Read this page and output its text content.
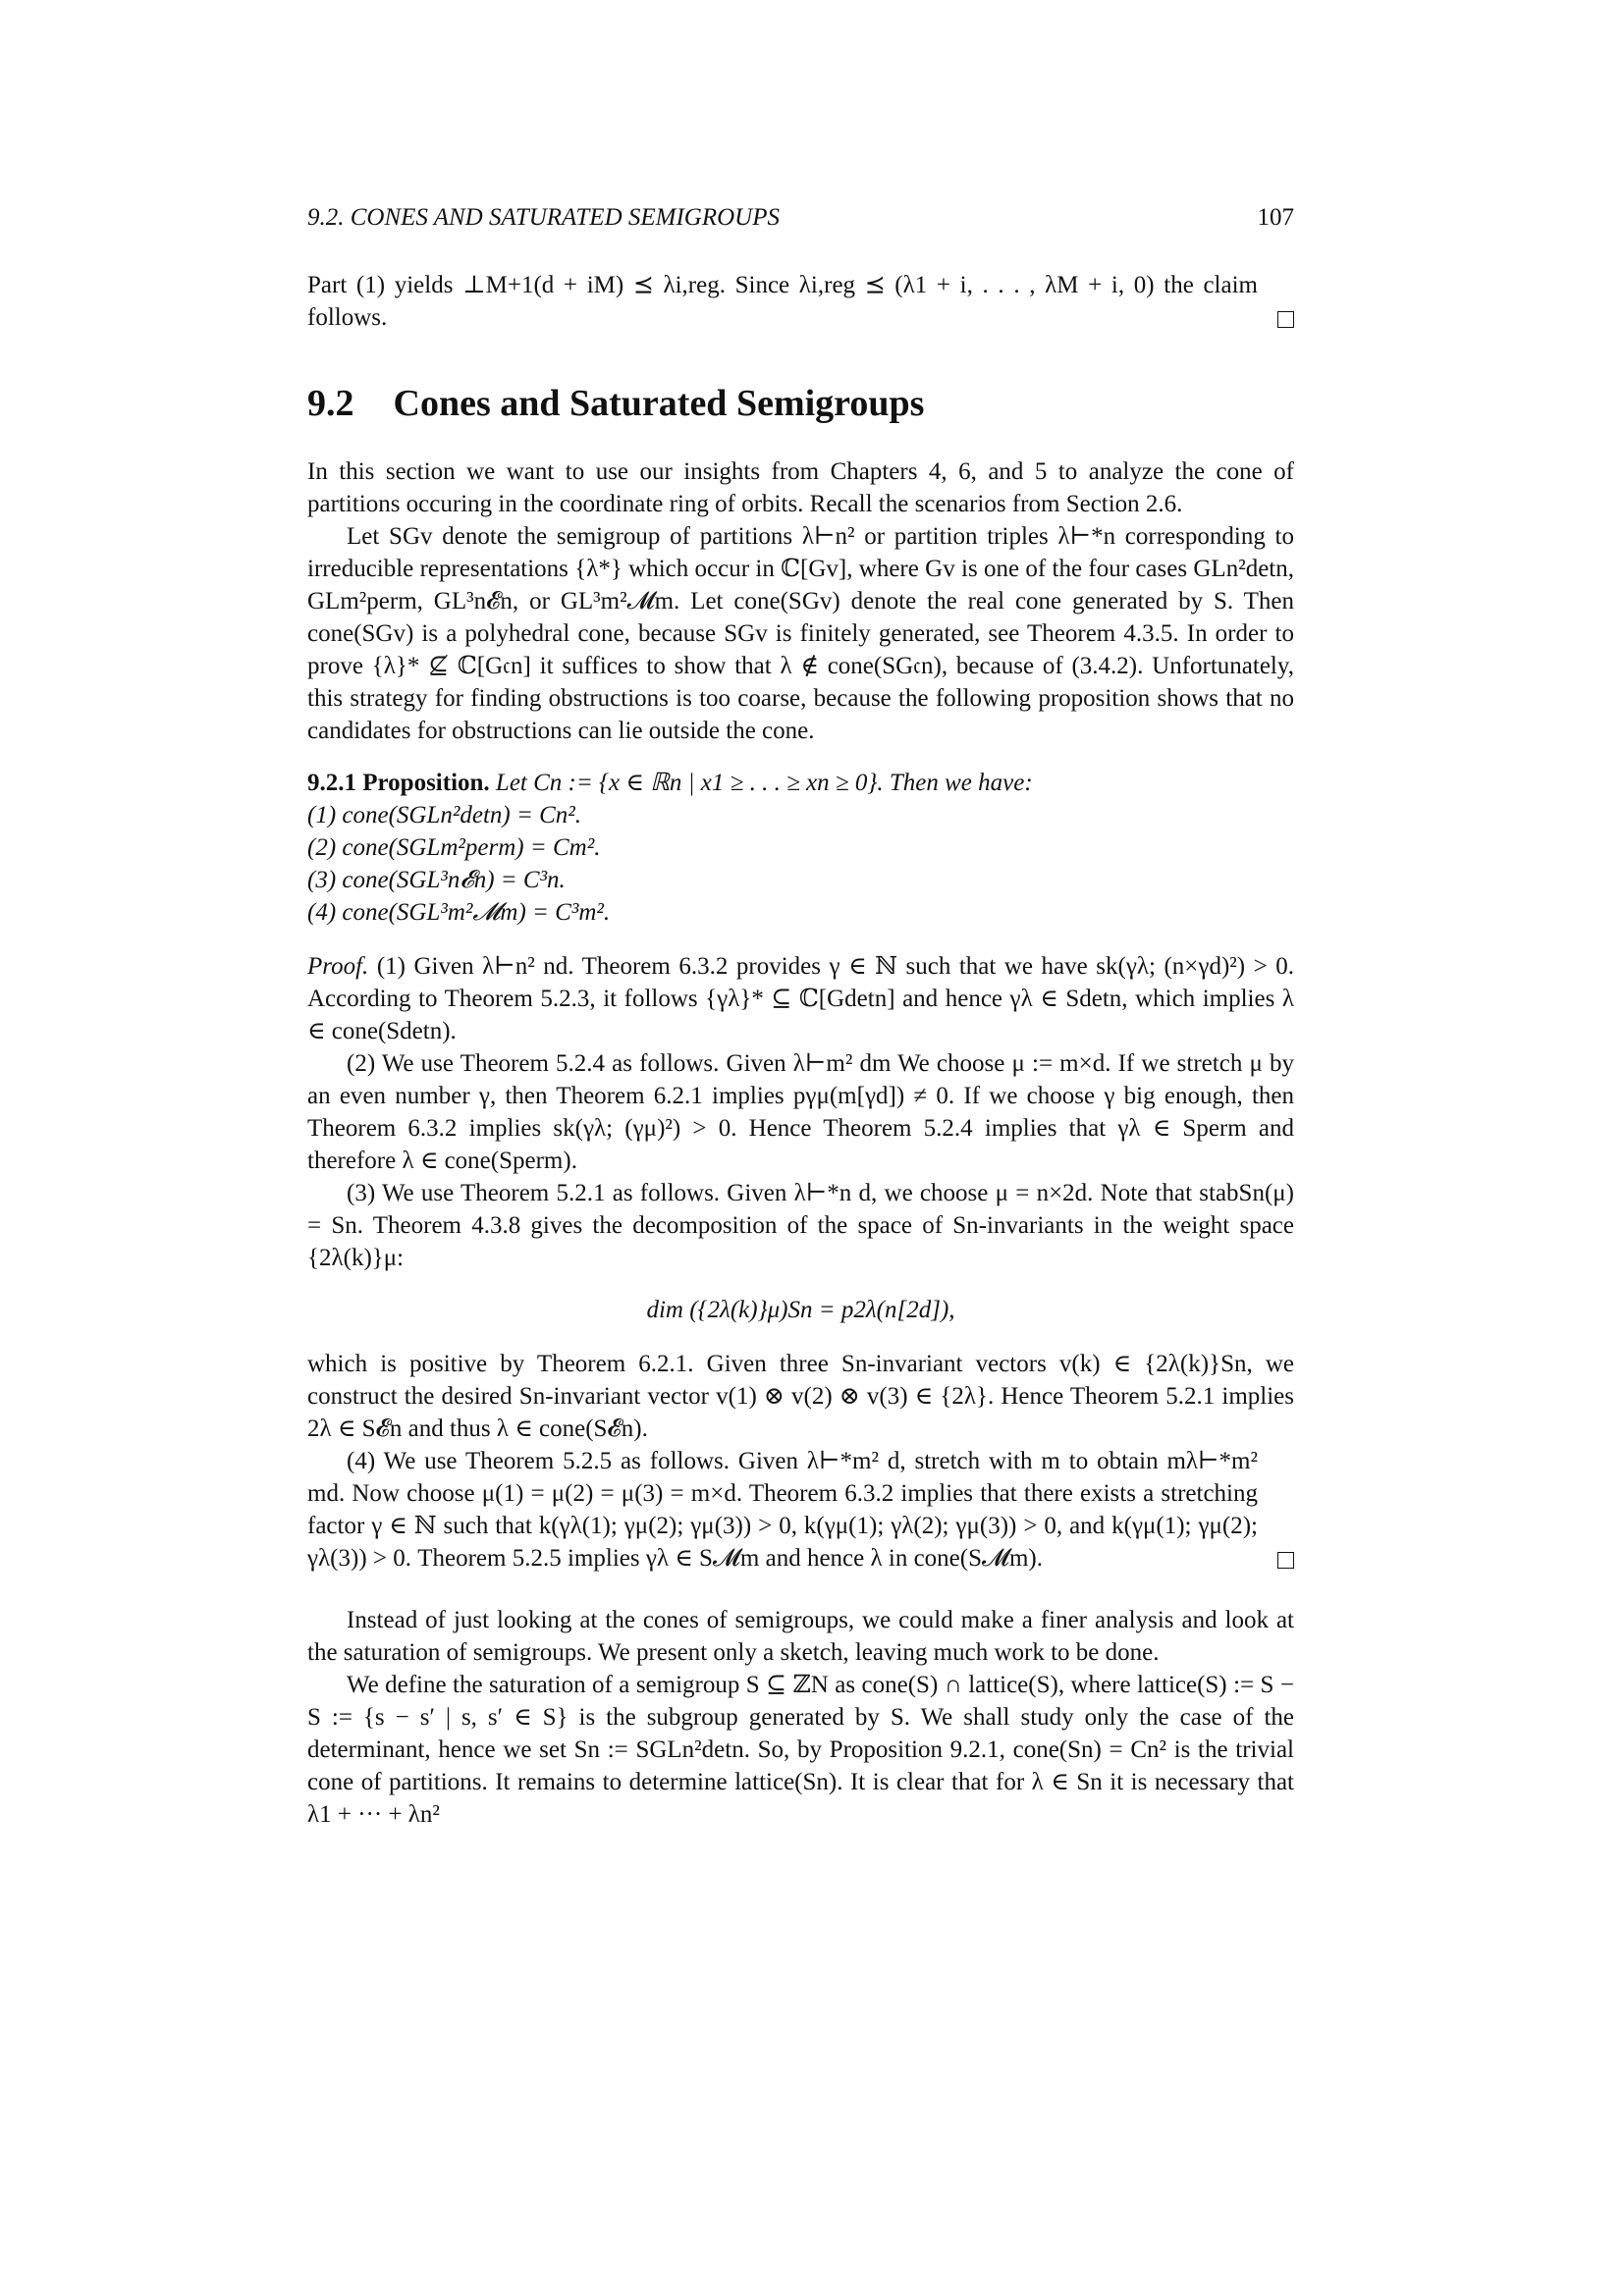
9.2. CONES AND SATURATED SEMIGROUPS	107

Part (1) yields ⊥M+1(d + iM) ⪯ λi,reg. Since λi,reg ⪯ (λ1 + i, . . . , λM + i, 0) the claim follows.

9.2 Cones and Saturated Semigroups

In this section we want to use our insights from Chapters 4, 6, and 5 to analyze the cone of partitions occuring in the coordinate ring of orbits. Recall the scenarios from Section 2.6.

Let SGv denote the semigroup of partitions λ⊢n² or partition triples λ⊢*n corresponding to irreducible representations {λ*} which occur in ℂ[Gv], where Gv is one of the four cases GLn²detn, GLm²perm, GL³n𝓔n, or GL³m²𝓜m. Let cone(SGv) denote the real cone generated by S. Then cone(SGv) is a polyhedral cone, because SGv is finitely generated, see Theorem 4.3.5. In order to prove {λ}* ⊈ ℂ[G𝔠n] it suffices to show that λ ∉ cone(SG𝔠n), because of (3.4.2). Unfortunately, this strategy for finding obstructions is too coarse, because the following proposition shows that no candidates for obstructions can lie outside the cone.

9.2.1 Proposition. Let Cn := {x ∈ ℝn | x1 ≥ . . . ≥ xn ≥ 0}. Then we have:

(1) cone(SGLn²detn) = Cn².
(2) cone(SGLm²perm) = Cm².
(3) cone(SGL³n𝓔n) = C³n.
(4) cone(SGL³m²𝓜m) = C³m².

Proof. (1) Given λ⊢n² nd. Theorem 6.3.2 provides γ ∈ ℕ such that we have sk(γλ; (n×γd)²) > 0. According to Theorem 5.2.3, it follows {γλ}* ⊆ ℂ[Gdetn] and hence γλ ∈ Sdetn, which implies λ ∈ cone(Sdetn).

(2) We use Theorem 5.2.4 as follows. Given λ⊢m² dm We choose μ := m×d. If we stretch μ by an even number γ, then Theorem 6.2.1 implies pγμ(m[γd]) ≠ 0. If we choose γ big enough, then Theorem 6.3.2 implies sk(γλ; (γμ)²) > 0. Hence Theorem 5.2.4 implies that γλ ∈ Sperm and therefore λ ∈ cone(Sperm).

(3) We use Theorem 5.2.1 as follows. Given λ⊢*n d, we choose μ = n×2d. Note that stabSn(μ) = Sn. Theorem 4.3.8 gives the decomposition of the space of Sn-invariants in the weight space {2λ(k)}μ:

dim ({2λ(k)}μ)Sn = p2λ(n[2d]),

which is positive by Theorem 6.2.1. Given three Sn-invariant vectors v(k) ∈ {2λ(k)}Sn, we construct the desired Sn-invariant vector v(1) ⊗ v(2) ⊗ v(3) ∈ {2λ}. Hence Theorem 5.2.1 implies 2λ ∈ S𝓔n and thus λ ∈ cone(S𝓔n).

(4) We use Theorem 5.2.5 as follows. Given λ⊢*m² d, stretch with m to obtain mλ⊢*m² md. Now choose μ(1) = μ(2) = μ(3) = m×d. Theorem 6.3.2 implies that there exists a stretching factor γ ∈ ℕ such that k(γλ(1); γμ(2); γμ(3)) > 0, k(γμ(1); γλ(2); γμ(3)) > 0, and k(γμ(1); γμ(2); γλ(3)) > 0. Theorem 5.2.5 implies γλ ∈ S𝓜m and hence λ in cone(S𝓜m).

Instead of just looking at the cones of semigroups, we could make a finer analysis and look at the saturation of semigroups. We present only a sketch, leaving much work to be done.

We define the saturation of a semigroup S ⊆ ℤN as cone(S) ∩ lattice(S), where lattice(S) := S − S := {s − s′ | s, s′ ∈ S} is the subgroup generated by S. We shall study only the case of the determinant, hence we set Sn := SGLn²detn. So, by Proposition 9.2.1, cone(Sn) = Cn² is the trivial cone of partitions. It remains to determine lattice(Sn). It is clear that for λ ∈ Sn it is necessary that λ1 + ··· + λn²
